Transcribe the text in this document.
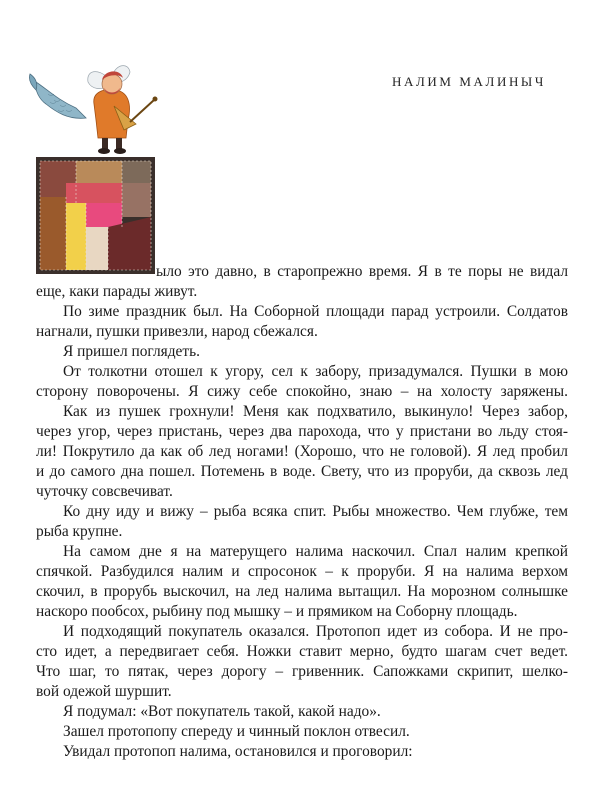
НАЛИМ МАЛИНЫЧ
ыло это давно, в старопрежно время. Я в те поры не видал
еще, каки парады живут.
По зиме праздник был. На Соборной площади парад устроили. Солдатов
нагнали, пушки привезли, народ сбежался.
Я пришел поглядеть.
От толкотни отошел к угору, сел к забору, призадумался. Пушки в мою
сторону поворочены. Я сижу себе спокойно, знаю – на холосту заряжены.
Как из пушек грохнули! Меня как подхватило, выкинуло! Через забор,
через угор, через пристань, через два парохода, что у пристани во льду стоя-
ли! Покрутило да как об лед ногами! (Хорошо, что не головой). Я лед пробил
и до самого дна пошел. Потемень в воде. Свету, что из проруби, да сквозь лед
чуточку совсвечиват.
Ко дну иду и вижу – рыба всяка спит. Рыбы множество. Чем глубже, тем
рыба крупне.
На самом дне я на матерущего налима наскочил. Спал налим крепкой
спячкой. Разбудился налим и спросонок – к проруби. Я на налима верхом
скочил, в прорубь выскочил, на лед налима вытащил. На морозном солнышке
наскоро пообсох, рыбину под мышку – и прямиком на Соборну площадь.
И подходящий покупатель оказался. Протопоп идет из собора. И не про-
сто идет, а передвигает себя. Ножки ставит мерно, будто шагам счет ведет.
Что шаг, то пятак, через дорогу – гривенник. Сапожками скрипит, шелко-
вой одежой шуршит.
Я подумал: «Вот покупатель такой, какой надо».
Зашел протопопу спереду и чинный поклон отвесил.
Увидал протопоп налима, остановился и проговорил:
